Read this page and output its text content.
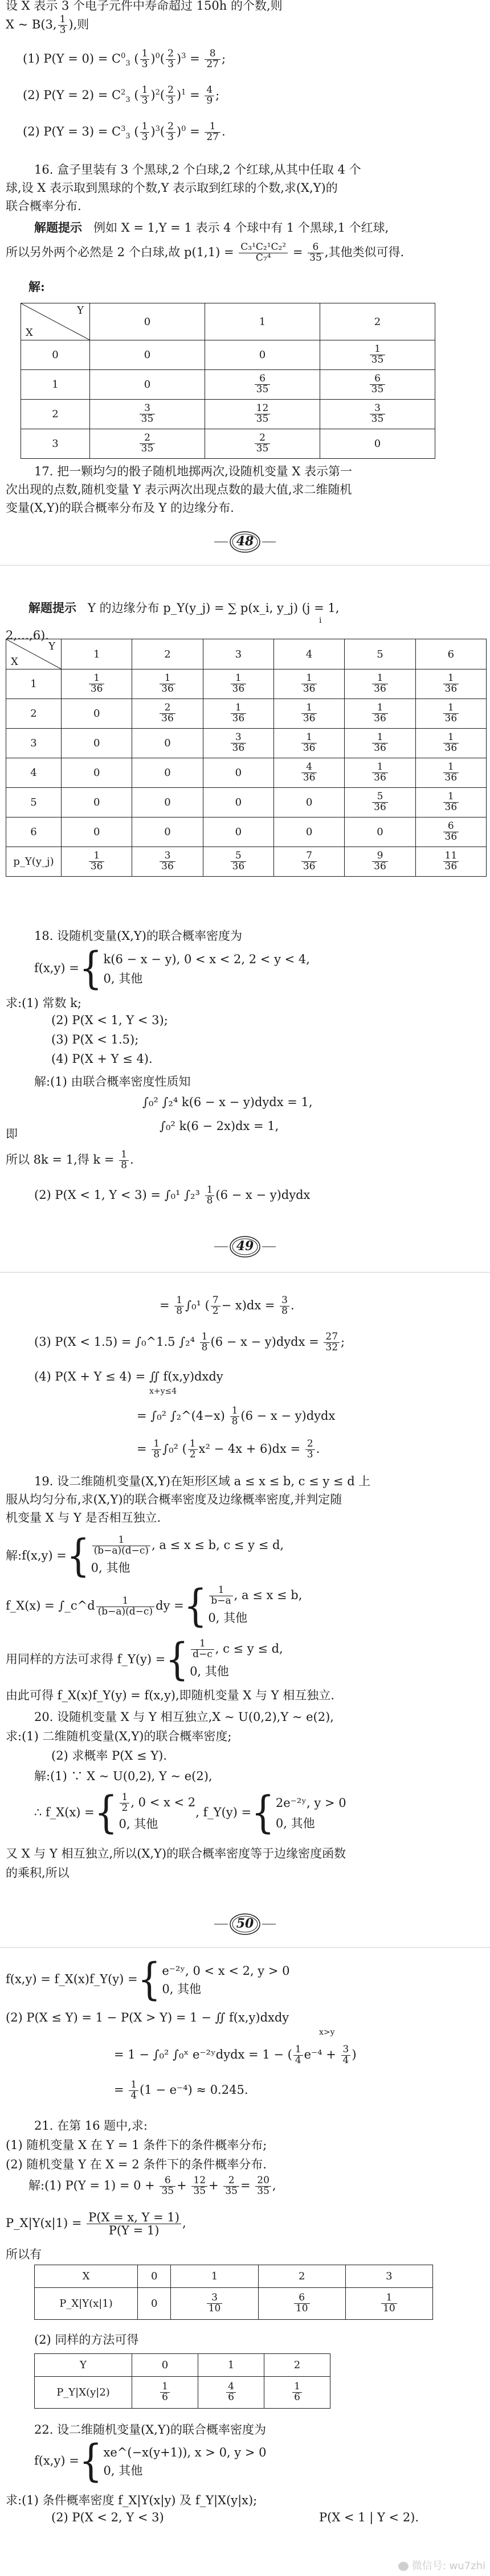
设 X 表示 3 个电子元件中寿命超过 150h 的个数,则
X ~ B(3, $\frac{1}{3}$ ),则
(1) $P(Y = 0) = C^0_3$ ( $\frac{1}{3} )^0( \frac{2}{3} )^3 = \frac{8}{27}$ ;
(2) $P(Y = 2) = C^2_3$ ( $\frac{1}{3} )^2( \frac{2}{3} )^1 = \frac{4}{9}$ ;
(2) $P(Y = 3) = C^3_3$ ( $\frac{1}{3} )^3( \frac{2}{3} )^0 = \frac{1}{27}$ .
16. 盒子里装有 3 个黑球,2 个白球,2 个红球,从其中任取 4 个
球,设 X 表示取到黑球的个数,Y 表示取到红球的个数,求(X,Y)的
联合概率分布.
解题提示 例如 X = 1,Y = 1 表示 4 个球中有 1 个黑球,1 个红球,
所以另外两个必然是 2 个白球,故 $p(1,1) = \frac{\text{C₃¹C₂¹C₂²}}{\text{C₇⁴}} = \frac{6}{35}$ ,其他类似可得.
解:
Y
X	0	1	2
0	0	0	$\frac{1}{35}$

1	0	$\frac{6}{35}$	$\frac{6}{35}$

2	$\frac{3}{35}$	$\frac{12}{35}$	$\frac{3}{35}$

3	$\frac{2}{35}$	$\frac{2}{35}$	0
17. 把一颗均匀的骰子随机地掷两次,设随机变量 X 表示第一
次出现的点数,随机变量 Y 表示两次出现点数的最大值,求二维随机
变量(X,Y)的联合概率分布及 Y 的边缘分布.
48
解题提示 Y 的边缘分布 p_Y(y_j) = ∑ p(x_i, y_j) (j = 1,
i
2,…,6).
Y
X	1	2	3	4	5	6
1	$\frac{1}{36}$	$\frac{1}{36}$	$\frac{1}{36}$	$\frac{1}{36}$	$\frac{1}{36}$	$\frac{1}{36}$

2	0	$\frac{2}{36}$	$\frac{1}{36}$	$\frac{1}{36}$	$\frac{1}{36}$	$\frac{1}{36}$

3	0	0	$\frac{3}{36}$	$\frac{1}{36}$	$\frac{1}{36}$	$\frac{1}{36}$

4	0	0	0	$\frac{4}{36}$	$\frac{1}{36}$	$\frac{1}{36}$

5	0	0	0	0	$\frac{5}{36}$	$\frac{1}{36}$

6	0	0	0	0	0	$\frac{6}{36}$

p_Y(y_j)	$\frac{1}{36}$	$\frac{3}{36}$	$\frac{5}{36}$	$\frac{7}{36}$	$\frac{9}{36}$	$\frac{11}{36}$
18. 设随机变量(X,Y)的联合概率密度为
f(x,y) ={k(6 − x − y), 0 < x < 2, 2 < y < 4,
0, 其他
求:(1) 常数 k;
(2) P(X < 1, Y < 3);
(3) P(X < 1.5);
(4) P(X + Y ≤ 4).
解:(1) 由联合概率密度性质知
∫₀² ∫₂⁴ k(6 − x − y)dydx = 1,
即
∫₀² k(6 − 2x)dx = 1,
所以 8k = 1,得 $k = \frac{1}{8}$ .
(2) P(X < 1, Y < 3) = ∫₀¹ $\int_2^3 \frac{1}{8} (6 - x$ − y)dydx
49
= $\frac{1}{8} \int_0^1$ ( $\frac{7}{2} - x)dx = \frac{3}{8}$ .
(3) P(X < 1.5) = ∫₀^1.5 $\int_2^4 \frac{1}{8} (6 - x$ − y)dydx = $\frac{27}{32}$ ;
(4) P(X + Y ≤ 4) = ∬ f(x,y)dxdy
x+y≤4
= ∫₀² ∫₂^(4−x) $\frac{1}{8} (6 - x$ − y)dydx
= $\frac{1}{8} \int_0^2$ ( $\frac{1}{2} x^2 - 4x + 6)dx = \frac{2}{3}$ .
19. 设二维随机变量(X,Y)在矩形区域 a ≤ x ≤ b, c ≤ y ≤ d 上
服从均匀分布,求(X,Y)的联合概率密度及边缘概率密度,并判定随
机变量 X 与 Y 是否相互独立.
解:f(x,y) ={ $\frac{1}{(b-a)(d-c)}$ , a ≤ x ≤ b, c ≤ y ≤ d,
0, 其他
f_X(x) = ∫_c^d $\frac{1}{(b-a)(d-c)}$ dy ={ $\frac{1}{b-a}$ , a ≤ x ≤ b,
0, 其他
用同样的方法可求得 f_Y(y) ={ $\frac{1}{d-c}$ , c ≤ y ≤ d,
0, 其他
由此可得 f_X(x)f_Y(y) = f(x,y),即随机变量 X 与 Y 相互独立.
20. 设随机变量 X 与 Y 相互独立,X ~ U(0,2),Y ~ e(2),
求:(1) 二维随机变量(X,Y)的联合概率密度;
(2) 求概率 P(X ≤ Y).
解:(1) ∵ X ~ U(0,2), Y ~ e(2),
∴ f_X(x) ={ $\frac{1}{2}$ , 0 < x < 2
0, 其他, f_Y(y) ={2e⁻²ʸ, y > 0
0, 其他
又 X 与 Y 相互独立,所以(X,Y)的联合概率密度等于边缘密度函数
的乘积,所以
50
f(x,y) = f_X(x)f_Y(y) ={e⁻²ʸ, 0 < x < 2, y > 0
0, 其他
(2) P(X ≤ Y) = 1 − P(X > Y) = 1 − ∬ f(x,y)dxdy
x>y
= 1 − ∫₀² ∫₀ˣ e⁻²ʸdydx = 1 − ( $\frac{1}{4} e^{-4} + \frac{3}{4}$ )
= $\frac{1}{4} (1 - e^{-4}) \approx 0.245$.
21. 在第 16 题中,求:
(1) 随机变量 X 在 Y = 1 条件下的条件概率分布;
(2) 随机变量 Y 在 X = 2 条件下的条件概率分布.
解:(1) $P(Y = 1) = 0 + \frac{6}{35} + \frac{12}{35} + \frac{2}{35} = \frac{20}{35}$ ,
P_X|Y(x|1) = $\frac{P(X = x, Y = 1)}{P(Y = 1)}$ ,
所以有
X	0	1	2	3
P_X|Y(x|1)	0	$\frac{3}{10}$	$\frac{6}{10}$	$\frac{1}{10}$
(2) 同样的方法可得
Y	0	1	2
P_Y|X(y|2)	$\frac{1}{6}$	$\frac{4}{6}$	$\frac{1}{6}$
22. 设二维随机变量(X,Y)的联合概率密度为
f(x,y) ={xe^(−x(y+1)), x > 0, y > 0
0, 其他
求:(1) 条件概率密度 f_X|Y(x|y) 及 f_Y|X(y|x);
(2) P(X < 2, Y < 3)	P(X < 1 | Y < 2).
微信号: wu7zhi
